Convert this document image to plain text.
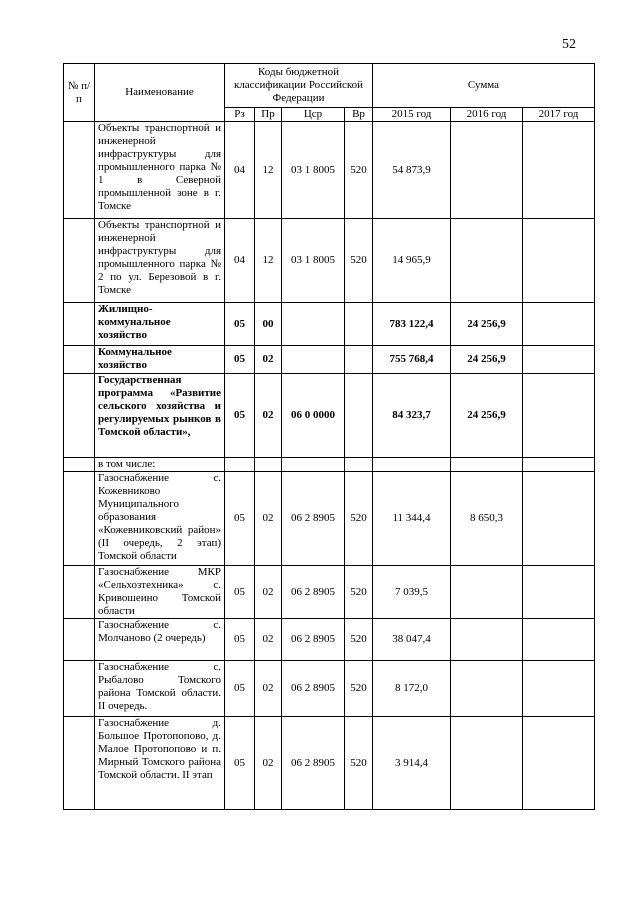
52
№ п/п	Наименование	Коды бюджетной классификации Российской Федерации				Сумма		
		Рз	Пр	Цср	Вр	2015 год	2016 год	2017 год
	Объекты транспортной и инженерной инфраструктуры для промышленного парка № 1 в Северной промышленной зоне в г. Томске	04	12	03 1 8005	520	54 873,9		
	Объекты транспортной и инженерной инфраструктуры для промышленного парка № 2 по ул. Березовой в г. Томске	04	12	03 1 8005	520	14 965,9		
	Жилищно-коммунальное хозяйство	05	00			783 122,4	24 256,9	
	Коммунальное хозяйство	05	02			755 768,4	24 256,9	
	Государственная программа «Развитие сельского хозяйства и регулируемых рынков в Томской области»,	05	02	06 0 0000		84 323,7	24 256,9	
	в том числе:							
	Газоснабжение с. Кожевниково Муниципального образования «Кожевниковский район» (II очередь, 2 этап) Томской области	05	02	06 2 8905	520	11 344,4	8 650,3	
	Газоснабжение МКР «Сельхозтехника» с. Кривошеино Томской области	05	02	06 2 8905	520	7 039,5		
	Газоснабжение с. Молчаново (2 очередь)	05	02	06 2 8905	520	38 047,4		
	Газоснабжение с. Рыбалово Томского района Томской области. II очередь.	05	02	06 2 8905	520	8 172,0		
	Газоснабжение д. Большое Протопопово, д. Малое Протопопово и п. Мирный Томского района Томской области. II этап	05	02	06 2 8905	520	3 914,4		
